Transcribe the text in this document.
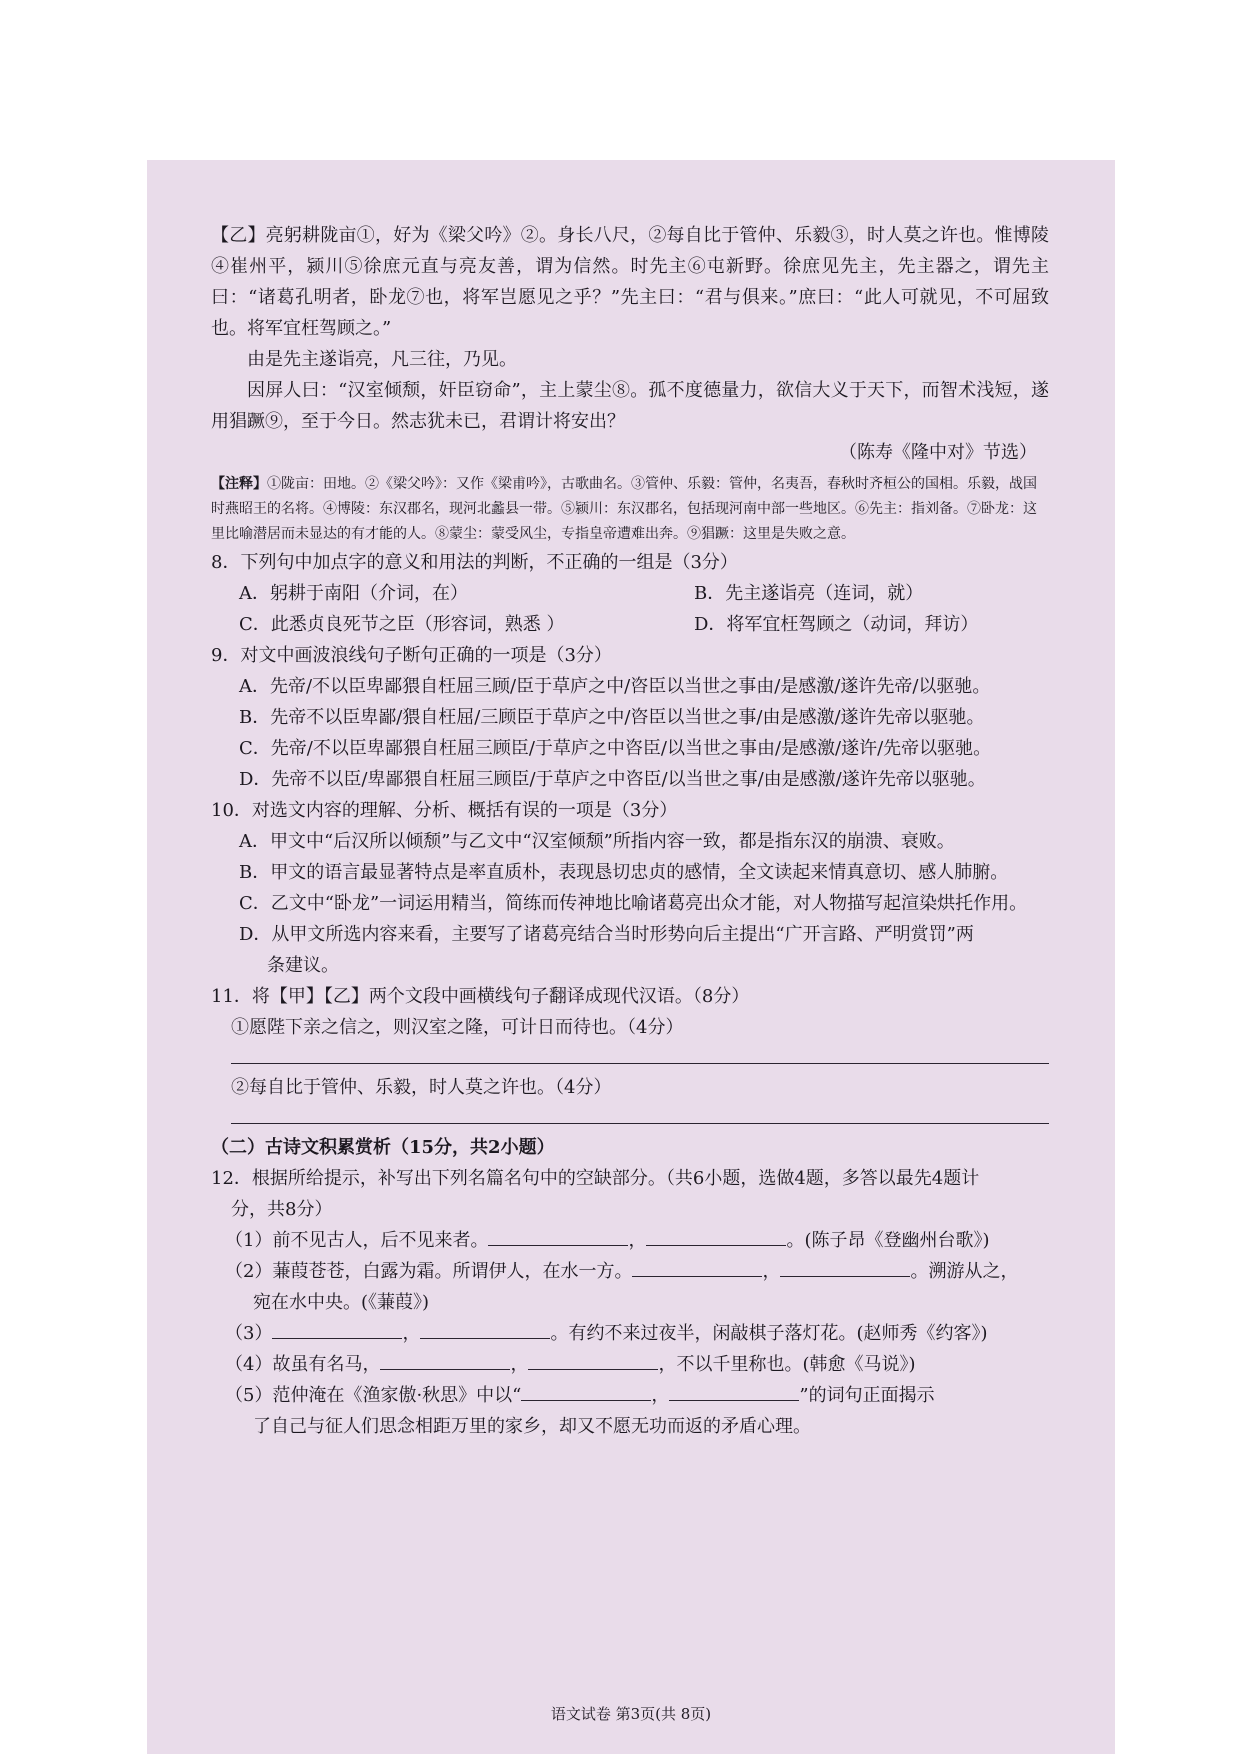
【乙】亮躬耕陇亩①，好为《梁父吟》②。身长八尺，②每自比于管仲、乐毅③，时人莫之许也。惟博陵④崔州平，颍川⑤徐庶元直与亮友善，谓为信然。时先主⑥屯新野。徐庶见先主，先主器之，谓先主曰：“诸葛孔明者，卧龙⑦也，将军岂愿见之乎？”先主曰：“君与俱来。”庶曰：“此人可就见，不可屈致也。将军宜枉驾顾之。”

由是先主遂诣亮，凡三往，乃见。

因屏人曰：“汉室倾颓，奸臣窃命”，主上蒙尘⑧。孤不度德量力，欲信大义于天下，而智术浅短，遂用猖蹶⑨，至于今日。然志犹未已，君谓计将安出？

（陈寿《隆中对》节选）

【注释】①陇亩：田地。②《梁父吟》：又作《梁甫吟》，古歌曲名。③管仲、乐毅：管仲，名夷吾，春秋时齐桓公的国相。乐毅，战国时燕昭王的名将。④博陵：东汉郡名，现河北蠡县一带。⑤颍川：东汉郡名，包括现河南中部一些地区。⑥先主：指刘备。⑦卧龙：这里比喻潜居而未显达的有才能的人。⑧蒙尘：蒙受风尘，专指皇帝遭难出奔。⑨猖蹶：这里是失败之意。

8．下列句中加点字的意义和用法的判断，不正确的一组是（3分）

A．躬耕于南阳（介词，在）	B．先主遂诣亮（连词，就）
C．此悉贞良死节之臣（形容词，熟悉 ）	D．将军宜枉驾顾之（动词，拜访）

9．对文中画波浪线句子断句正确的一项是（3分）

A．先帝/不以臣卑鄙猥自枉屈三顾/臣于草庐之中/咨臣以当世之事由/是感激/遂许先帝/以驱驰。

B．先帝不以臣卑鄙/猥自枉屈/三顾臣于草庐之中/咨臣以当世之事/由是感激/遂许先帝以驱驰。

C．先帝/不以臣卑鄙猥自枉屈三顾臣/于草庐之中咨臣/以当世之事由/是感激/遂许/先帝以驱驰。

D．先帝不以臣/卑鄙猥自枉屈三顾臣/于草庐之中咨臣/以当世之事/由是感激/遂许先帝以驱驰。

10．对选文内容的理解、分析、概括有误的一项是（3分）

A．甲文中“后汉所以倾颓”与乙文中“汉室倾颓”所指内容一致，都是指东汉的崩溃、衰败。

B．甲文的语言最显著特点是率直质朴，表现恳切忠贞的感情，全文读起来情真意切、感人肺腑。

C．乙文中“卧龙”一词运用精当，简练而传神地比喻诸葛亮出众才能，对人物描写起渲染烘托作用。

D．从甲文所选内容来看，主要写了诸葛亮结合当时形势向后主提出“广开言路、严明赏罚”两

条建议。

11．将【甲】【乙】两个文段中画横线句子翻译成现代汉语。（8分）

①愿陛下亲之信之，则汉室之隆，可计日而待也。（4分）

②每自比于管仲、乐毅，时人莫之许也。（4分）

（二）古诗文积累赏析（15分，共2小题）

12．根据所给提示，补写出下列名篇名句中的空缺部分。（共6小题，选做4题，多答以最先4题计

分，共8分）

（1）前不见古人，后不见来者。	，	。(陈子昂《登幽州台歌》)

（2）蒹葭苍苍，白露为霜。所谓伊人，在水一方。	，	。溯游从之，

宛在水中央。(《蒹葭》)

（3）	，	。有约不来过夜半，闲敲棋子落灯花。(赵师秀《约客》)

（4）故虽有名马，	，	，不以千里称也。(韩愈《马说》)

（5）范仲淹在《渔家傲·秋思》中以“	，	”的词句正面揭示

了自己与征人们思念相距万里的家乡，却又不愿无功而返的矛盾心理。

语文试卷 第3页(共 8页)
